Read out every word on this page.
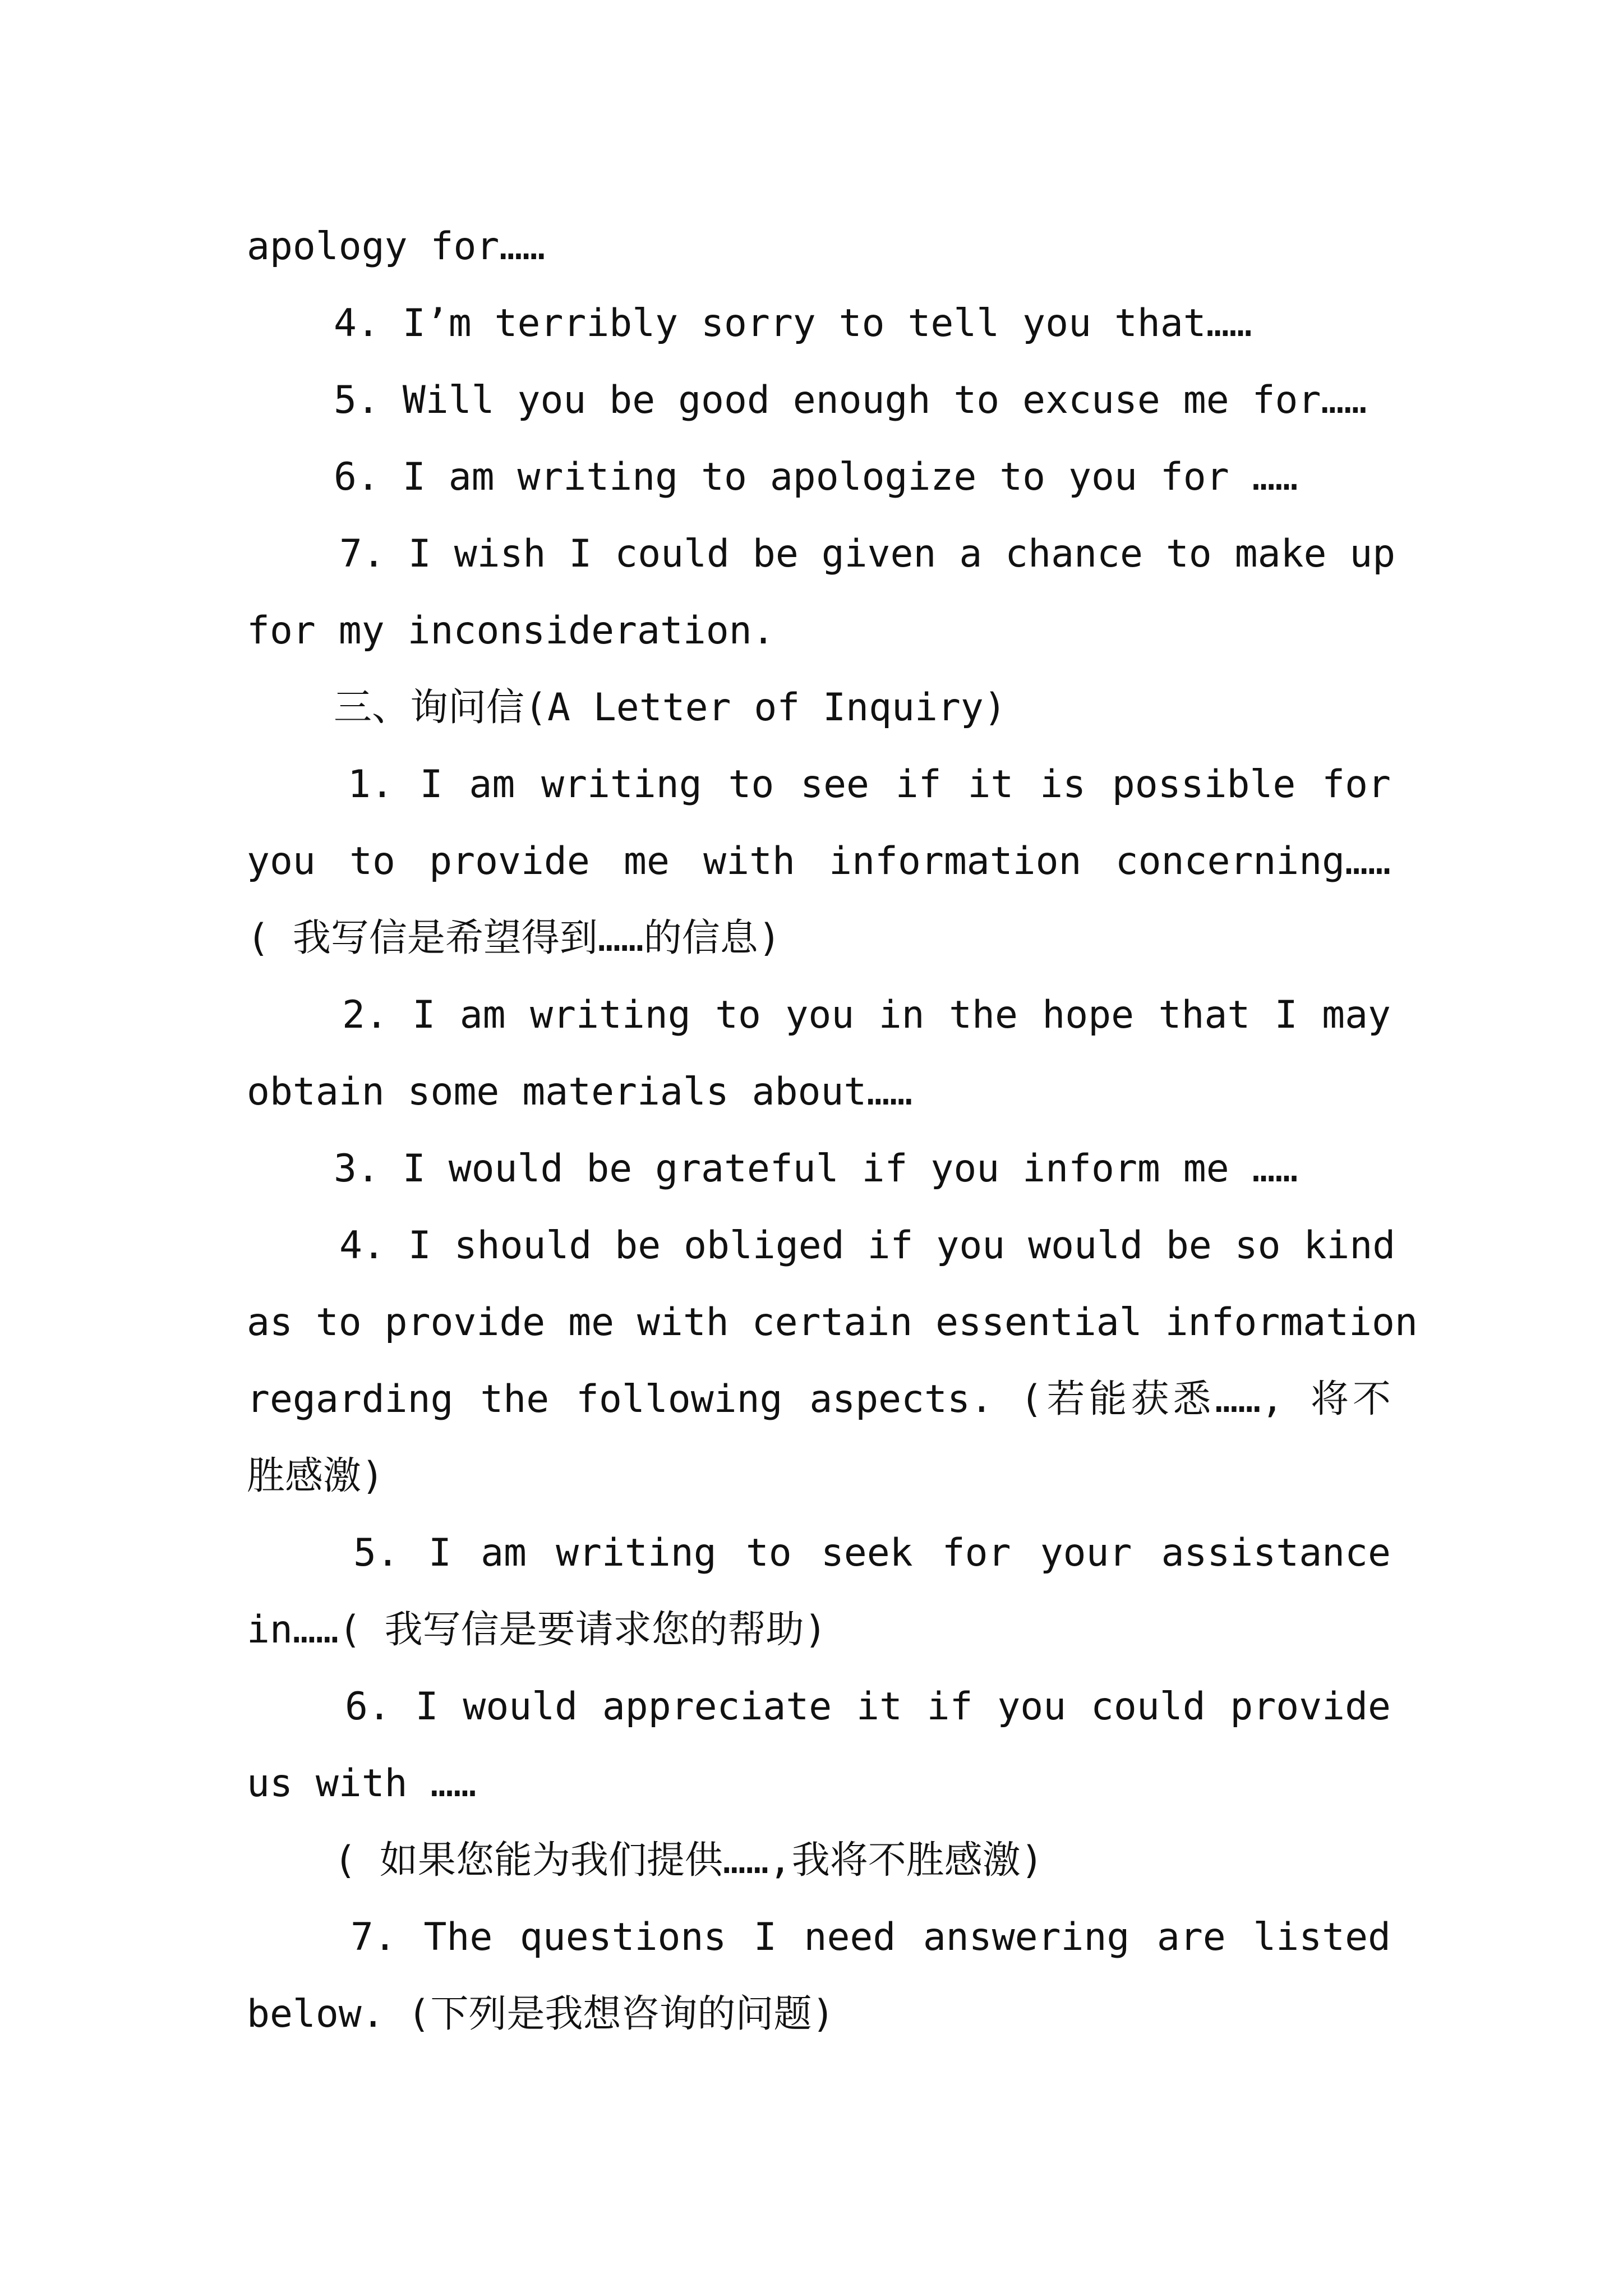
apology for……
4. I’m terribly sorry to tell you that……
5. Will you be good enough to excuse me for……
6. I am writing to apologize to you for ……
7. I wish I could be given a chance to make up
for my inconsideration.
三、询问信(A Letter of Inquiry)
1. I am writing to see if it is possible for
you to provide me with information concerning……
( 我写信是希望得到……的信息)
2. I am writing to you in the hope that I may
obtain some materials about……
3. I would be grateful if you inform me ……
4. I should be obliged if you would be so kind
as to provide me with certain essential information
regarding the following aspects. (若能获悉……, 将不
胜感激)
5. I am writing to seek for your assistance
in……( 我写信是要请求您的帮助)
6. I would appreciate it if you could provide
us with ……
( 如果您能为我们提供……,我将不胜感激)
7. The questions I need answering are listed
below. (下列是我想咨询的问题)
